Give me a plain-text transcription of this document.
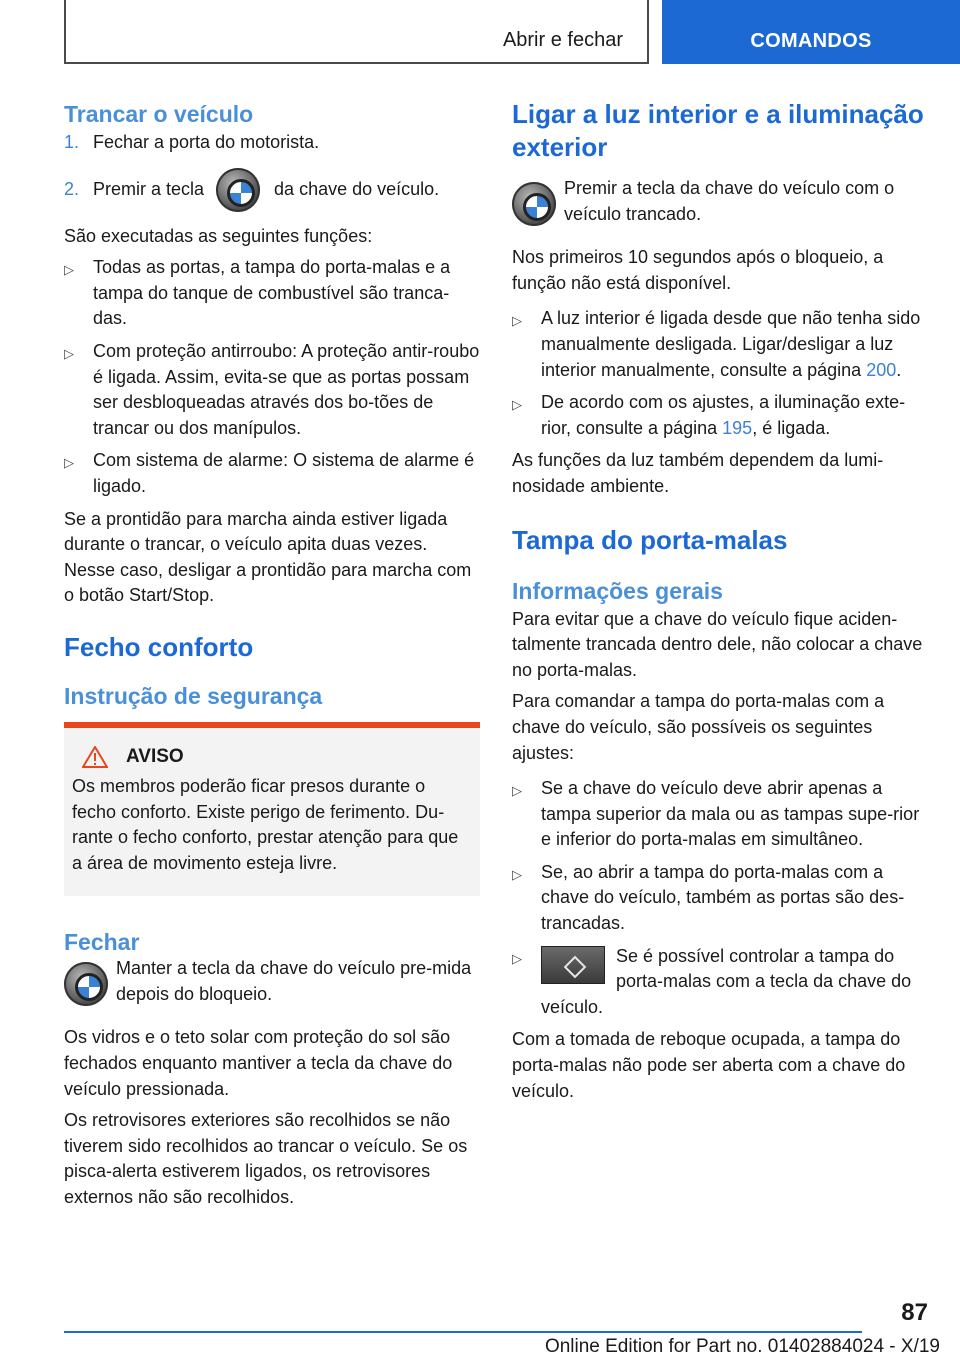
Abrir e fechar	COMANDOS
Trancar o veículo
1. Fechar a porta do motorista.
2. Premir a tecla	da chave do veículo.
São executadas as seguintes funções:
▷	Todas as portas, a tampa do porta-malas e a tampa do tanque de combustível são tranca-das.
▷	Com proteção antirroubo: A proteção antir-roubo é ligada. Assim, evita-se que as portas possam ser desbloqueadas através dos bo-tões de trancar ou dos manípulos.
▷	Com sistema de alarme: O sistema de alarme é ligado.
Se a prontidão para marcha ainda estiver ligada durante o trancar, o veículo apita duas vezes. Nesse caso, desligar a prontidão para marcha com o botão Start/Stop.
Fecho conforto
Instrução de segurança
AVISO
Os membros poderão ficar presos durante o fecho conforto. Existe perigo de ferimento. Du-rante o fecho conforto, prestar atenção para que a área de movimento esteja livre.
Fechar
Manter a tecla da chave do veículo pre-mida depois do bloqueio.
Os vidros e o teto solar com proteção do sol são fechados enquanto mantiver a tecla da chave do veículo pressionada.
Os retrovisores exteriores são recolhidos se não tiverem sido recolhidos ao trancar o veículo. Se os pisca-alerta estiverem ligados, os retrovisores externos não são recolhidos.
Ligar a luz interior e a iluminação exterior
Premir a tecla da chave do veículo com o veículo trancado.
Nos primeiros 10 segundos após o bloqueio, a função não está disponível.
▷	A luz interior é ligada desde que não tenha sido manualmente desligada. Ligar/desligar a luz interior manualmente, consulte a página 200.
▷	De acordo com os ajustes, a iluminação exte-rior, consulte a página 195, é ligada.
As funções da luz também dependem da lumi-nosidade ambiente.
Tampa do porta-malas
Informações gerais
Para evitar que a chave do veículo fique aciden-talmente trancada dentro dele, não colocar a chave no porta-malas.
Para comandar a tampa do porta-malas com a chave do veículo, são possíveis os seguintes ajustes:
▷	Se a chave do veículo deve abrir apenas a tampa superior da mala ou as tampas supe-rior e inferior do porta-malas em simultâneo.
▷	Se, ao abrir a tampa do porta-malas com a chave do veículo, também as portas são des-trancadas.
▷	Se é possível controlar a tampa do porta-malas com a tecla da chave do
veículo.
Com a tomada de reboque ocupada, a tampa do porta-malas não pode ser aberta com a chave do veículo.
87
Online Edition for Part no. 01402884024 - X/19
